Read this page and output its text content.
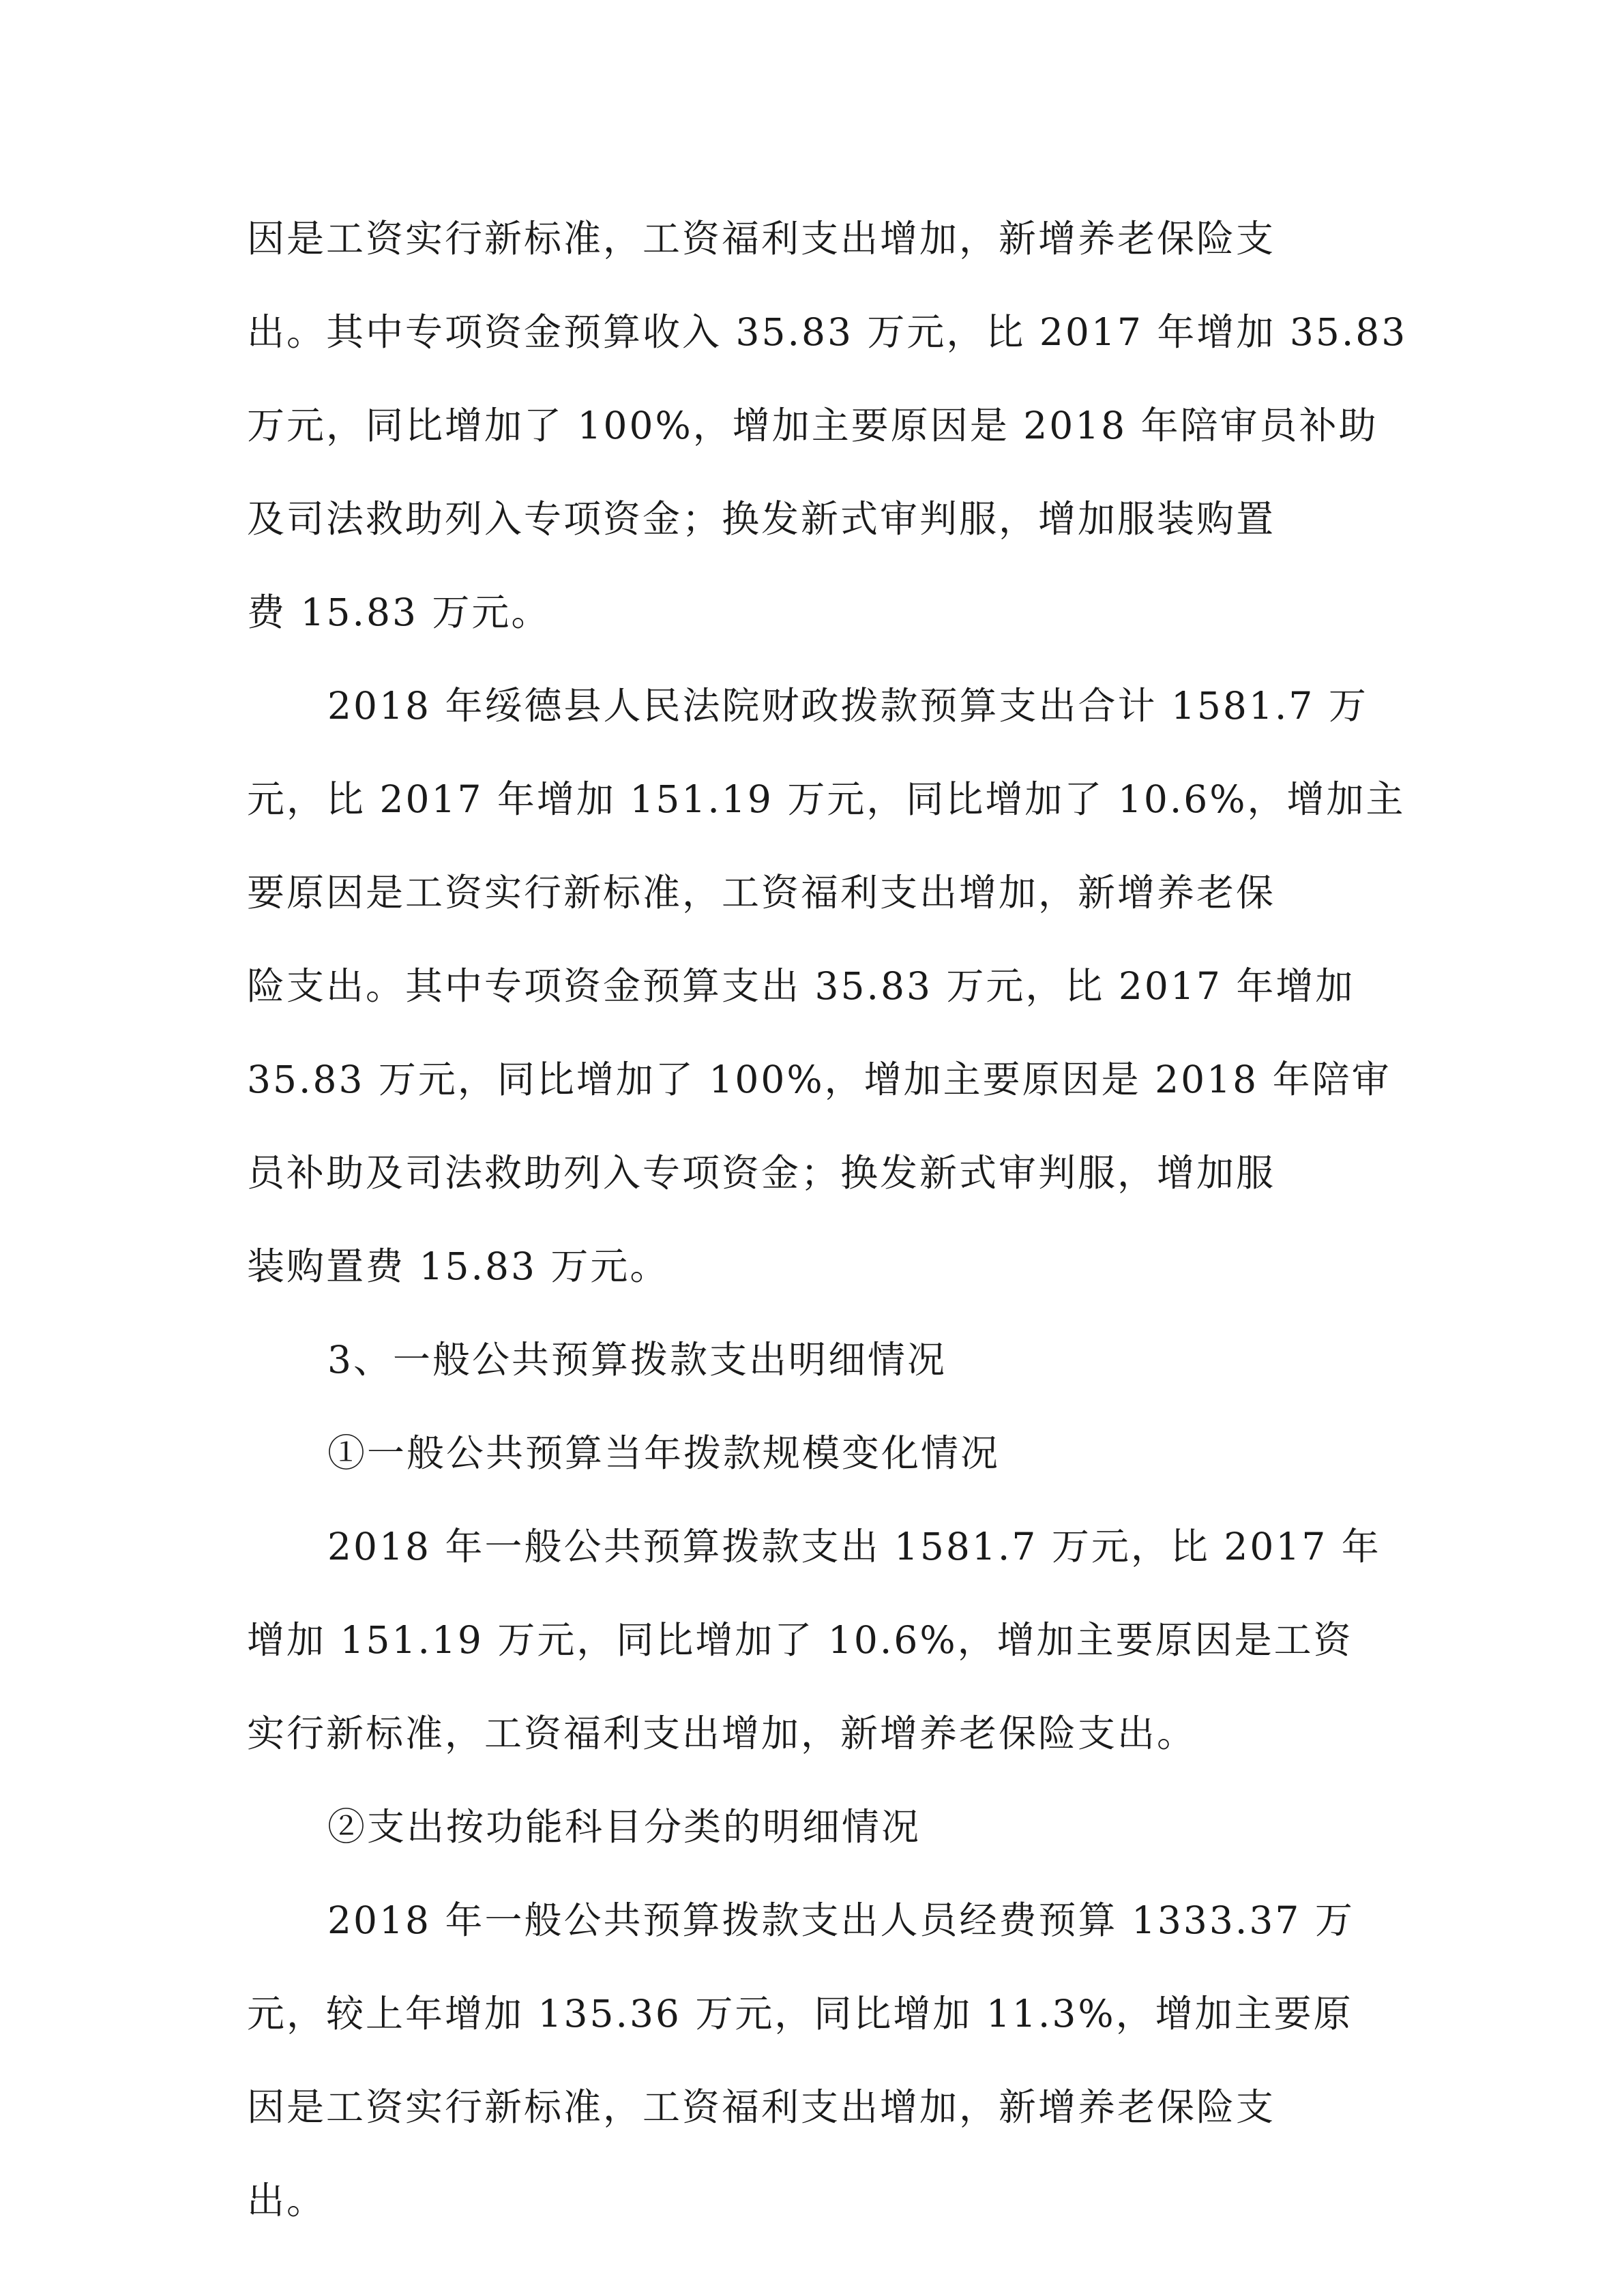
因是工资实行新标准，工资福利支出增加，新增养老保险支
出。其中专项资金预算收入 35.83 万元，比 2017 年增加 35.83
万元，同比增加了 100%，增加主要原因是 2018 年陪审员补助
及司法救助列入专项资金；换发新式审判服，增加服装购置
费 15.83 万元。
2018 年绥德县人民法院财政拨款预算支出合计 1581.7 万
元，比 2017 年增加 151.19 万元，同比增加了 10.6%，增加主
要原因是工资实行新标准，工资福利支出增加，新增养老保
险支出。其中专项资金预算支出 35.83 万元，比 2017 年增加
35.83 万元，同比增加了 100%，增加主要原因是 2018 年陪审
员补助及司法救助列入专项资金；换发新式审判服，增加服
装购置费 15.83 万元。
3、一般公共预算拨款支出明细情况
①一般公共预算当年拨款规模变化情况
2018 年一般公共预算拨款支出 1581.7 万元，比 2017 年
增加 151.19 万元，同比增加了 10.6%，增加主要原因是工资
实行新标准，工资福利支出增加，新增养老保险支出。
②支出按功能科目分类的明细情况
2018 年一般公共预算拨款支出人员经费预算 1333.37 万
元，较上年增加 135.36 万元，同比增加 11.3%，增加主要原
因是工资实行新标准，工资福利支出增加，新增养老保险支
出。
